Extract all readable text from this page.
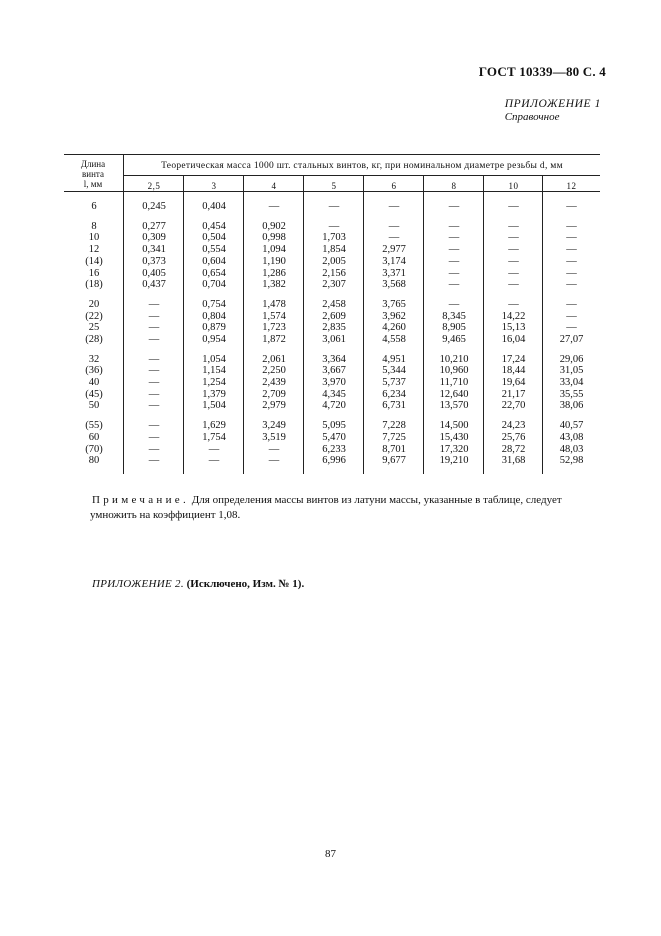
ГОСТ 10339—80 С. 4
ПРИЛОЖЕНИЕ 1
Справочное
Длина
винта
l, мм
Теоретическая масса 1000 шт. стальных винтов, кг, при номинальном диаметре резьбы d, мм
2,5	3	4	5	6	8	10	12
6	0,245	0,404	—	—	—	—	—	—
8	0,277	0,454	0,902	—	—	—	—	—
10	0,309	0,504	0,998	1,703	—	—	—	—
12	0,341	0,554	1,094	1,854	2,977	—	—	—
(14)	0,373	0,604	1,190	2,005	3,174	—	—	—
16	0,405	0,654	1,286	2,156	3,371	—	—	—
(18)	0,437	0,704	1,382	2,307	3,568	—	—	—
20	—	0,754	1,478	2,458	3,765	—	—	—
(22)	—	0,804	1,574	2,609	3,962	8,345	14,22	—
25	—	0,879	1,723	2,835	4,260	8,905	15,13	—
(28)	—	0,954	1,872	3,061	4,558	9,465	16,04	27,07
32	—	1,054	2,061	3,364	4,951	10,210	17,24	29,06
(36)	—	1,154	2,250	3,667	5,344	10,960	18,44	31,05
40	—	1,254	2,439	3,970	5,737	11,710	19,64	33,04
(45)	—	1,379	2,709	4,345	6,234	12,640	21,17	35,55
50	—	1,504	2,979	4,720	6,731	13,570	22,70	38,06
(55)	—	1,629	3,249	5,095	7,228	14,500	24,23	40,57
60	—	1,754	3,519	5,470	7,725	15,430	25,76	43,08
(70)	—	—	—	6,233	8,701	17,320	28,72	48,03
80	—	—	—	6,996	9,677	19,210	31,68	52,98
Примечание. Для определения массы винтов из латуни массы, указанные в таблице, следует
умножить на коэффициент 1,08.
ПРИЛОЖЕНИЕ 2. (Исключено, Изм. № 1).
87
